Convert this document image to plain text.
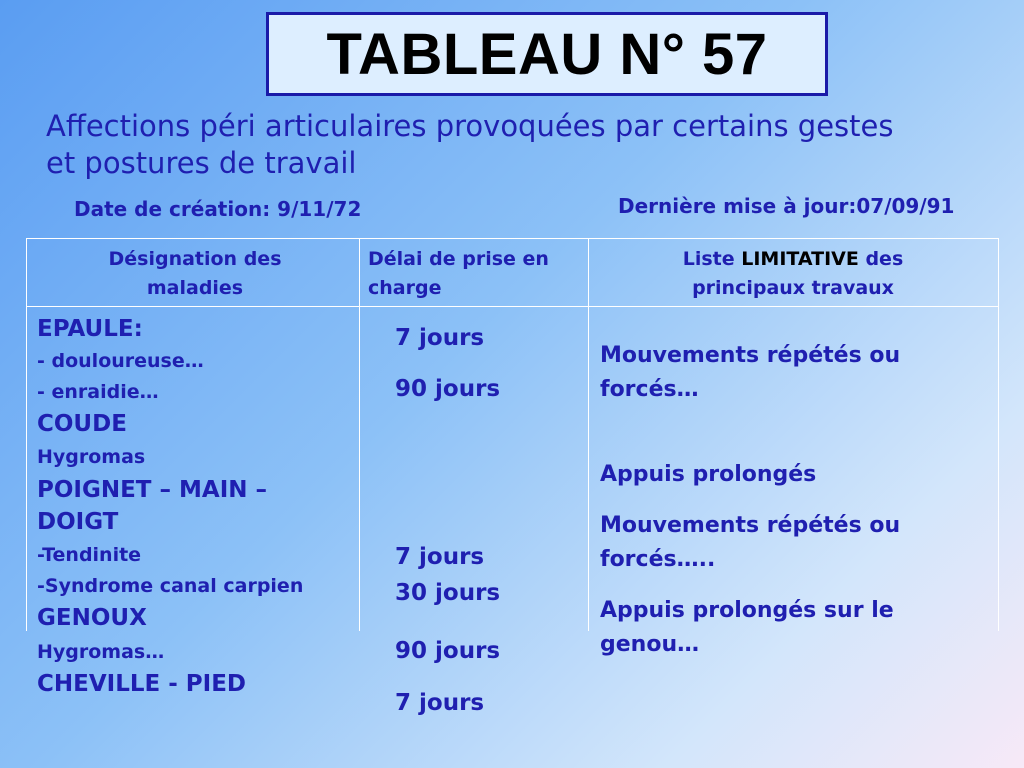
TABLEAU N° 57

Affections péri articulaires provoquées par certains gestes
et postures de travail

Date de création: 9/11/72	Dernière mise à jour:07/09/91

Désignation des
maladies

Délai de prise en
charge

Liste LIMITATIVE des
principaux travaux

EPAULE:
- douloureuse…
- enraidie…
COUDE
Hygromas
POIGNET – MAIN –
DOIGT
-Tendinite
-Syndrome canal carpien
GENOUX
Hygromas…
CHEVILLE - PIED
7 jours
90 jours
7 jours
30 jours
90 jours
7 jours
Mouvements répétés ou forcés…
Appuis prolongés
Mouvements répétés ou forcés…..
Appuis prolongés sur le genou…
